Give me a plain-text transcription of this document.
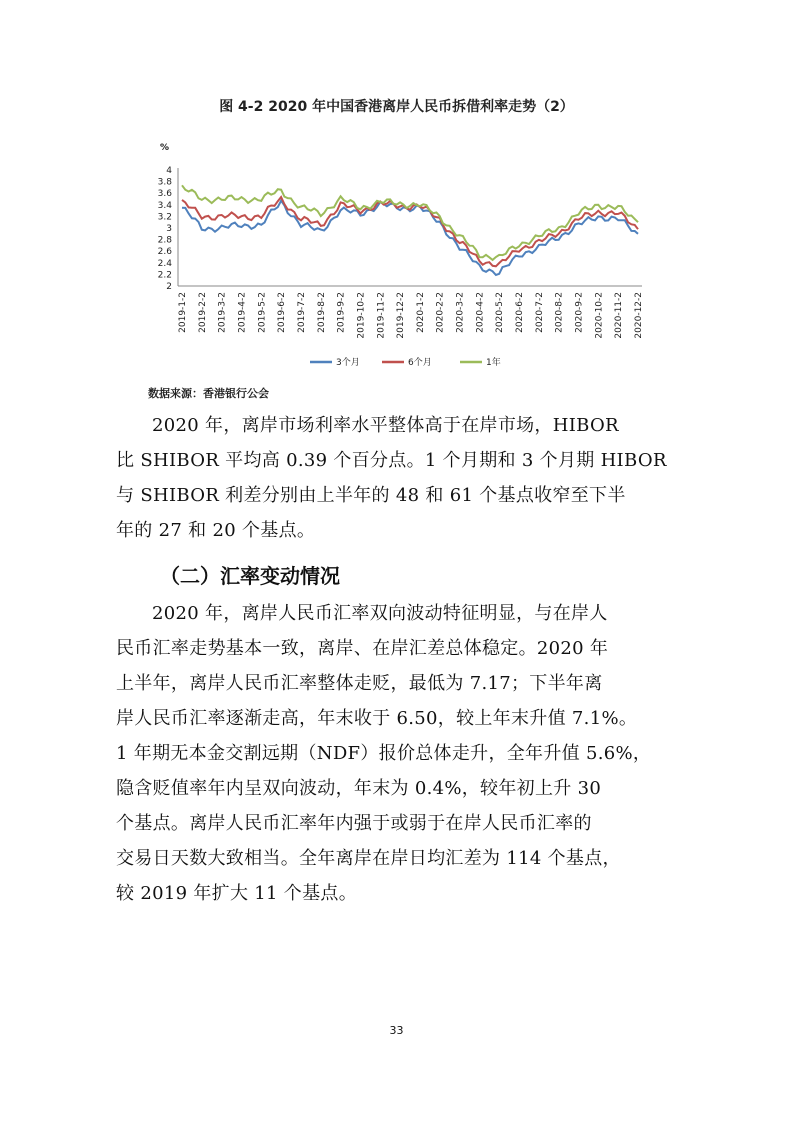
图 4-2 2020 年中国香港离岸人民币拆借利率走势（2）
%
2
2.2
2.4
2.6
2.8
3
3.2
3.4
3.6
3.8
4
2019-1-2 2019-2-2 2019-3-2 2019-4-2 2019-5-2 2019-6-2 2019-7-2 2019-8-2 2019-9-2 2019-10-2 2019-11-2 2019-12-2 2020-1-2 2020-2-2 2020-3-2 2020-4-2 2020-5-2 2020-6-2 2020-7-2 2020-8-2 2020-9-2 2020-10-2 2020-11-2 2020-12-2
3个月	6个月	1年
数据来源：香港银行公会

2020 年，离岸市场利率水平整体高于在岸市场，HIBOR
比 SHIBOR 平均高 0.39 个百分点。1 个月期和 3 个月期 HIBOR
与 SHIBOR 利差分别由上半年的 48 和 61 个基点收窄至下半
年的 27 和 20 个基点。

（二）汇率变动情况

2020 年，离岸人民币汇率双向波动特征明显，与在岸人
民币汇率走势基本一致，离岸、在岸汇差总体稳定。2020 年
上半年，离岸人民币汇率整体走贬，最低为 7.17；下半年离
岸人民币汇率逐渐走高，年末收于 6.50，较上年末升值 7.1%。
1 年期无本金交割远期（NDF）报价总体走升，全年升值 5.6%，
隐含贬值率年内呈双向波动，年末为 0.4%，较年初上升 30
个基点。离岸人民币汇率年内强于或弱于在岸人民币汇率的
交易日天数大致相当。全年离岸在岸日均汇差为 114 个基点，
较 2019 年扩大 11 个基点。

33
